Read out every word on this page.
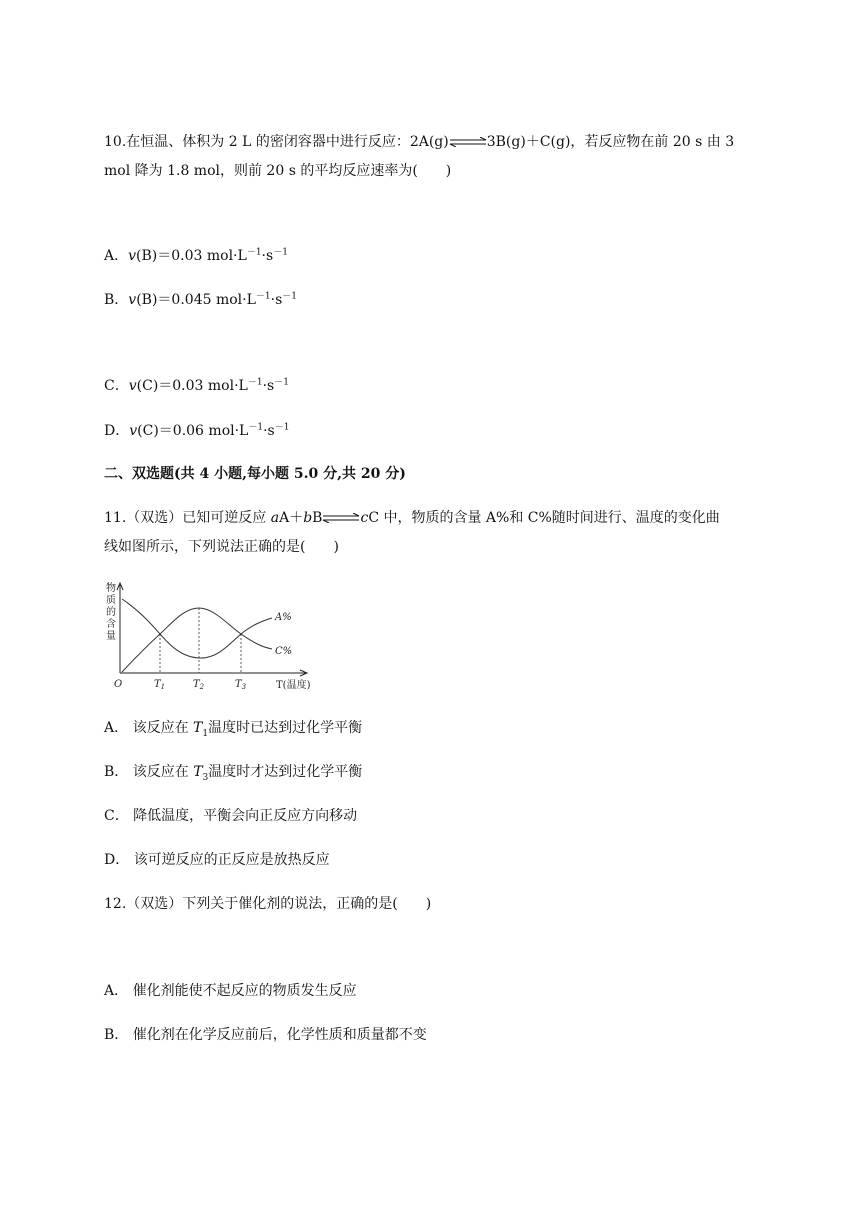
10.在恒温、体积为 2 L 的密闭容器中进行反应：2A(g)⇌3B(g)＋C(g)，若反应物在前 20 s 由 3
mol 降为 1.8 mol，则前 20 s 的平均反应速率为(　　)
A．v(B)＝0.03 $mol\cdot L^{-1}\cdot s^{-1}$
B．v(B)＝0.045 $mol\cdot L^{-1}\cdot s^{-1}$
C．v(C)＝0.03 $mol\cdot L^{-1}\cdot s^{-1}$
D．v(C)＝0.06 $mol\cdot L^{-1}\cdot s^{-1}$
二、双选题(共 4 小题,每小题 5.0 分,共 20 分)
11.（双选）已知可逆反应 aA＋bB⇌cC 中，物质的含量 A%和 C%随时间进行、温度的变化曲
线如图所示，下列说法正确的是(　　)
物
质
的
含
量
A%
C%
O	$T_1$	$T_2$	$T_3$	T(温度)
A． 该反应在 $T_1$温度时已达到过化学平衡
B． 该反应在 $T_3$温度时才达到过化学平衡
C． 降低温度，平衡会向正反应方向移动
D． 该可逆反应的正反应是放热反应
12.（双选）下列关于催化剂的说法，正确的是(　　)
A． 催化剂能使不起反应的物质发生反应
B． 催化剂在化学反应前后，化学性质和质量都不变
